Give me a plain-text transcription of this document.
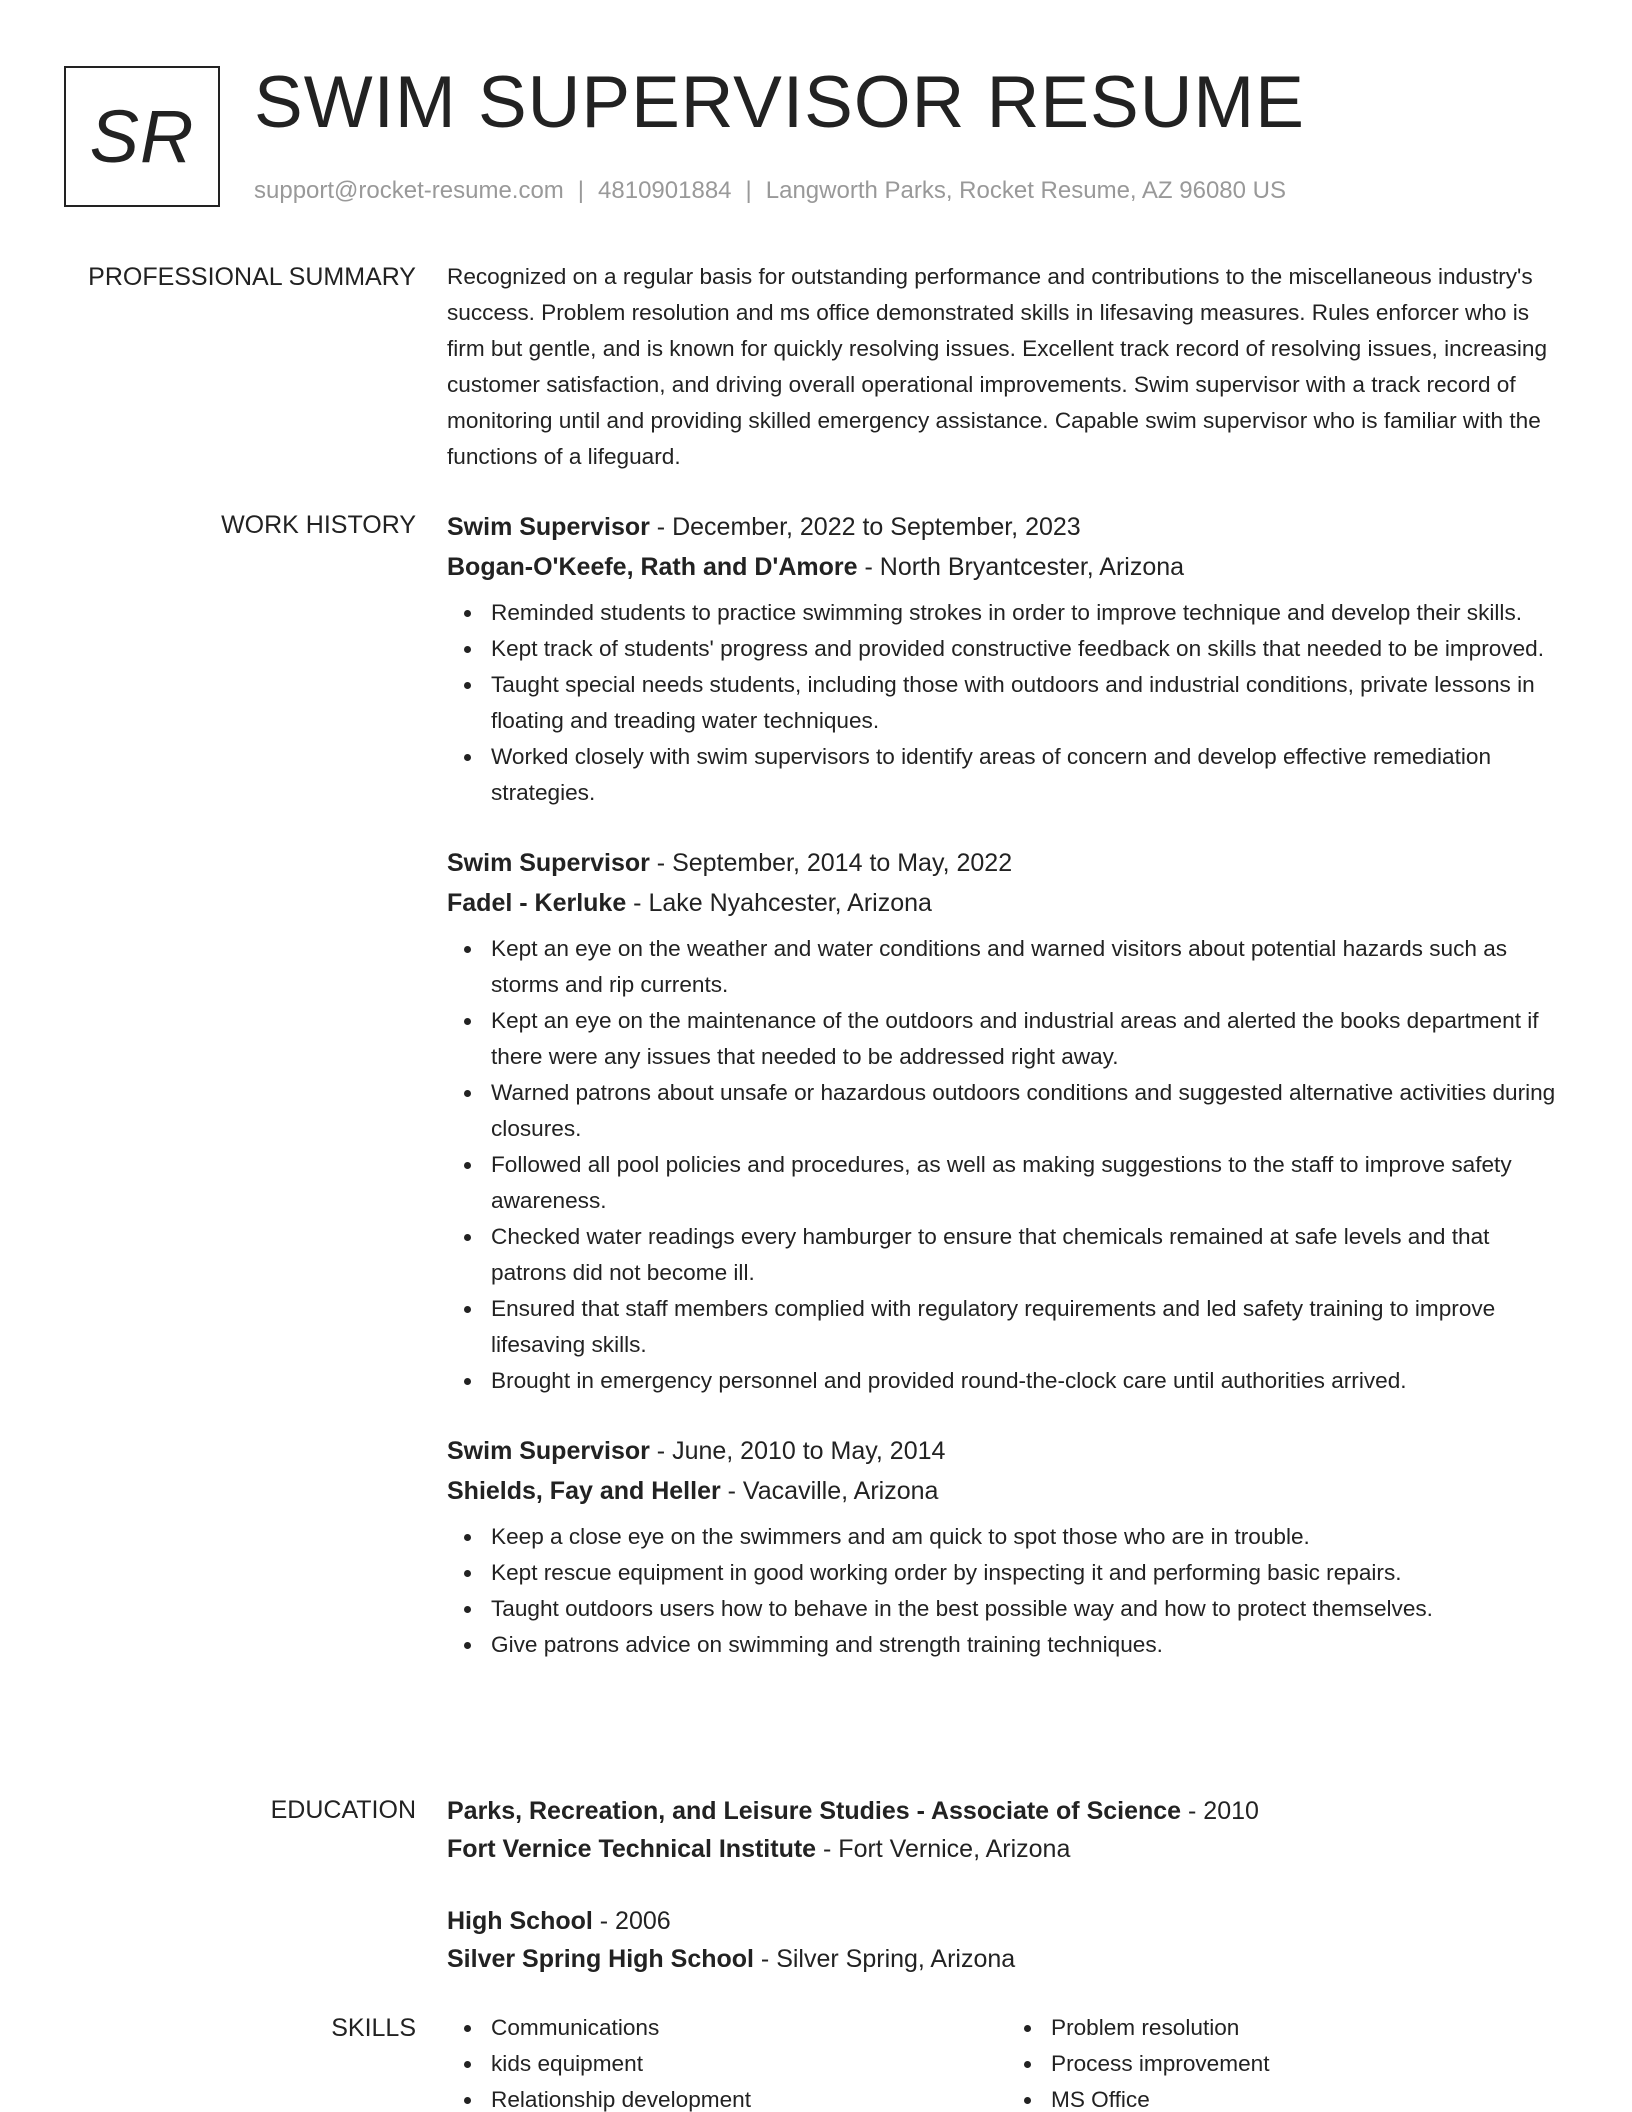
SR SWIM SUPERVISOR RESUME
support@rocket-resume.com | 4810901884 | Langworth Parks, Rocket Resume, AZ 96080 US
PROFESSIONAL SUMMARY Recognized on a regular basis for outstanding performance and contributions to the miscellaneous industry's success. Problem resolution and ms office demonstrated skills in lifesaving measures. Rules enforcer who is firm but gentle, and is known for quickly resolving issues. Excellent track record of resolving issues, increasing customer satisfaction, and driving overall operational improvements. Swim supervisor with a track record of monitoring until and providing skilled emergency assistance. Capable swim supervisor who is familiar with the functions of a lifeguard.

WORK HISTORY Swim Supervisor - December, 2022 to September, 2023
Bogan-O'Keefe, Rath and D'Amore - North Bryantcester, Arizona
Reminded students to practice swimming strokes in order to improve technique and develop their skills.
Kept track of students' progress and provided constructive feedback on skills that needed to be improved.
Taught special needs students, including those with outdoors and industrial conditions, private lessons in floating and treading water techniques.
Worked closely with swim supervisors to identify areas of concern and develop effective remediation strategies.
Swim Supervisor - September, 2014 to May, 2022
Fadel - Kerluke - Lake Nyahcester, Arizona
Kept an eye on the weather and water conditions and warned visitors about potential hazards such as storms and rip currents.
Kept an eye on the maintenance of the outdoors and industrial areas and alerted the books department if there were any issues that needed to be addressed right away.
Warned patrons about unsafe or hazardous outdoors conditions and suggested alternative activities during closures.
Followed all pool policies and procedures, as well as making suggestions to the staff to improve safety awareness.
Checked water readings every hamburger to ensure that chemicals remained at safe levels and that patrons did not become ill.
Ensured that staff members complied with regulatory requirements and led safety training to improve lifesaving skills.
Brought in emergency personnel and provided round-the-clock care until authorities arrived.
Swim Supervisor - June, 2010 to May, 2014
Shields, Fay and Heller - Vacaville, Arizona
Keep a close eye on the swimmers and am quick to spot those who are in trouble.
Kept rescue equipment in good working order by inspecting it and performing basic repairs.
Taught outdoors users how to behave in the best possible way and how to protect themselves.
Give patrons advice on swimming and strength training techniques.
EDUCATION Parks, Recreation, and Leisure Studies - Associate of Science - 2010
Fort Vernice Technical Institute - Fort Vernice, Arizona
High School - 2006
Silver Spring High School - Silver Spring, Arizona
SKILLS	Communications
kids equipment
Relationship development
Problem resolution
Process improvement
MS Office
